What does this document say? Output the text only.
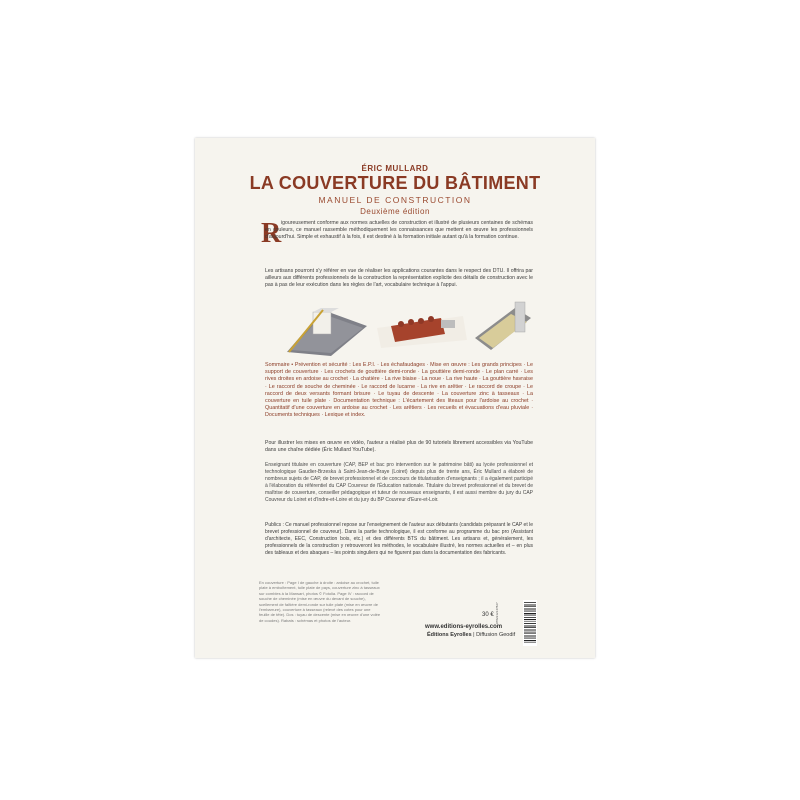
ÉRIC MULLARD
LA COUVERTURE DU BÂTIMENT
MANUEL DE CONSTRUCTION
Deuxième édition
R igoureusement conforme aux normes actuelles de construction et illustré de plusieurs centaines de schémas en couleurs, ce manuel rassemble méthodiquement les connaissances que mettent en œuvre les professionnels d'aujourd'hui. Simple et exhaustif à la fois, il est destiné à la formation initiale autant qu'à la formation continue.
Les artisans pourront s'y référer en vue de réaliser les applications courantes dans le respect des DTU. Il offrira par ailleurs aux différents professionnels de la construction la représentation explicite des détails de construction avec le pas à pas de leur exécution dans les règles de l'art, vocabulaire technique à l'appui.
Sommaire • Prévention et sécurité : Les E.P.I. · Les échafaudages · Mise en œuvre : Les grands principes · Le support de couverture · Les crochets de gouttière demi-ronde · La gouttière demi-ronde · Le plan carré · Les rives droites en ardoise au crochet · La chatière · La rive biaise · La noue · La rive haute · La gouttière havraise · Le raccord de souche de cheminée · Le raccord de lucarne · La rive en arêtier · Le raccord de croupe · Le raccord de deux versants formant brisure · Le tuyau de descente · La couverture zinc à tasseaux · La couverture en tuile plate · Documentation technique : L'écartement des liteaux pour l'ardoise au crochet · Quantitatif d'une couverture en ardoise au crochet · Les arêtiers · Les recueils et évacuations d'eau pluviale · Documents techniques · Lexique et index.
Pour illustrer les mises en œuvre en vidéo, l'auteur a réalisé plus de 90 tutoriels librement accessibles via YouTube dans une chaîne dédiée (Éric Mullard YouTube).
Enseignant titulaire en couverture (CAP, BEP et bac pro intervention sur le patrimoine bâti) au lycée professionnel et technologique Gaudier-Brzeska à Saint-Jean-de-Braye (Loiret) depuis plus de trente ans, Éric Mullard a élaboré de nombreux sujets de CAP, de brevet professionnel et de concours de titularisation d'enseignants ; il a également participé à l'élaboration du référentiel du CAP Couvreur de l'Éducation nationale. Titulaire du brevet professionnel et du brevet de maîtrise de couverture, conseiller pédagogique et tuteur de nouveaux enseignants, il est aussi membre du jury du CAP Couvreur du Loiret et d'Indre-et-Loire et du jury du BP Couvreur d'Eure-et-Loir.
Publics : Ce manuel professionnel repose sur l'enseignement de l'auteur aux débutants (candidats préparant le CAP et le brevet professionnel de couvreur). Dans la partie technologique, il est conforme au programme du bac pro (Assistant d'architecte, EEC, Construction bois, etc.) et des différents BTS du bâtiment. Les artisans et, généralement, les professionnels de la construction y retrouveront les méthodes, le vocabulaire illustré, les normes actuelles et – en plus des tableaux et des abaques – les points singuliers qui ne figurent pas dans la documentation des fabricants.
En couverture : Page I de gauche à droite : ardoise au crochet, tuile plate à emboîtement, tuile plate de pays, couverture zinc à tasseaux sur combles à la Mansart, photos © Fotolia. Page IV : raccord de souche de cheminée (mise en œuvre du devant de souche), scellement de faîtière demi-ronde sur tuile plate (mise en œuvre de l'embarrure), couverture à tasseaux (relevé des cotes pour une feuille de tête). Dos : tuyau de descente (mise en œuvre d'une volée de coudes). Rabats : schémas et photos de l'auteur.
30 €
www.editions-eyrolles.com
Éditions Eyrolles | Diffusion Geodif
9782212147827
